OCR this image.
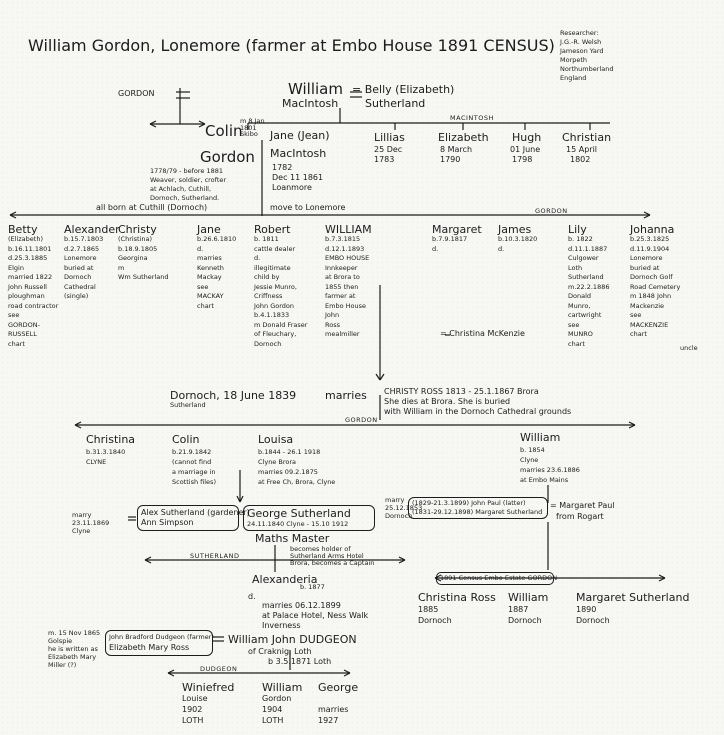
William Gordon, Lonemore (farmer at Embo House 1891 CENSUS)
Researcher:
J.G.-R. Welsh
Jameson Yard
Morpeth
Northumberland
England
GORDON	William
MacIntosh
= Belly (Elizabeth)
Sutherland
MACINTOSH
Colin
m 8 Jan 1801 Skibo
Gordon
1778/79 - before 1881
Weaver, soldier, crofter
at Achlach, Cuthill,
Dornoch, Sutherland.
Jane (Jean)
MacIntosh
1782
Dec 11 1861
Loanmore
Lillias
25 Dec
1783
Elizabeth
8 March
1790
Hugh
01 June
1798
Christian
15 April
1802
all born at Cuthill (Dornoch)	move to Lonemore	GORDON
Betty
(Elizabeth)
b.16.11.1801
d.25.3.1885
Elgin
married 1822
John Russell
ploughman
road contractor
see
GORDON-
RUSSELL
chart
Alexander
b.15.7.1803
d.2.7.1865
Lonemore
buried at
Dornoch
Cathedral
(single)
Christy
(Christina)
b.18.9.1805
Georgina
m
Wm Sutherland
Jane
b.26.6.1810
d.
marries
Kenneth
Mackay
see
MACKAY
chart
Robert
b. 1811
cattle dealer
d.
illegitimate
child by
Jessie Munro,
Criffness
John Gordon
b.4.1.1833
m Donald Fraser
of Fleuchary,
Dornoch
WILLIAM
b.7.3.1815
d.12.1.1893
EMBO HOUSE
Innkeeper
at Brora to
1855 then
farmer at
Embo House
John
Ross
mealmiller
Margaret
b.7.9.1817
d.
James
b.10.3.1820
d.
Lily
b. 1822
d.11.1.1887
Culgower
Loth
Sutherland
m.22.2.1886
Donald
Munro,
cartwright
see
MUNRO
chart
Johanna
b.25.3.1825
d.11.9.1904
Lonemore
buried at
Dornoch Golf
Road Cemetery
m 1848 John
Mackenzie
see
MACKENZIE
chart
= Christina McKenzie
uncle
Dornoch, 18 June 1839
Sutherland
marries CHRISTY ROSS 1813 - 25.1.1867 Brora
She dies at Brora. She is buried
with William in the Dornoch Cathedral grounds
GORDON
Christina
b.31.3.1840
CLYNE
Colin
b.21.9.1842
(cannot find
a marriage in
Scottish files)
Louisa
b.1844 - 26.1 1918
Clyne Brora
marries 09.2.1875
at Free Ch, Brora, Clyne
William
b. 1854
Clyne
marries 23.6.1886
at Embo Mains
marry
23.11.1869
Clyne
Alex Sutherland (gardener)
Ann Simpson
George Sutherland
24.11.1840 Clyne - 15.10 1912
Maths Master
becomes holder of
Sutherland Arms Hotel
Brora, becomes a Captain
SUTHERLAND
marry
25.12.1853
Dornoch
(1829-21.3.1899) John Paul (latter)
(1831-29.12.1898) Margaret Sutherland
= Margaret Paul
from Rogart
Alexanderia
b. 1877
d.
marries 06.12.1899
at Palace Hotel, Ness Walk
Inverness
1891 Census Embo Estate GORDON
Christina Ross
1885
Dornoch
William
1887
Dornoch
Margaret Sutherland
1890
Dornoch
m. 15 Nov 1865
Golspie
he is written as
Elizabeth Mary
Miller (?)
John Bradford Dudgeon (farmer)
Elizabeth Mary Ross
William John DUDGEON
of Craknig, Loth
b 3.5.1871 Loth
DUDGEON
Winiefred
Louise
1902
LOTH
William
Gordon
1904
LOTH
George
marries
1927
